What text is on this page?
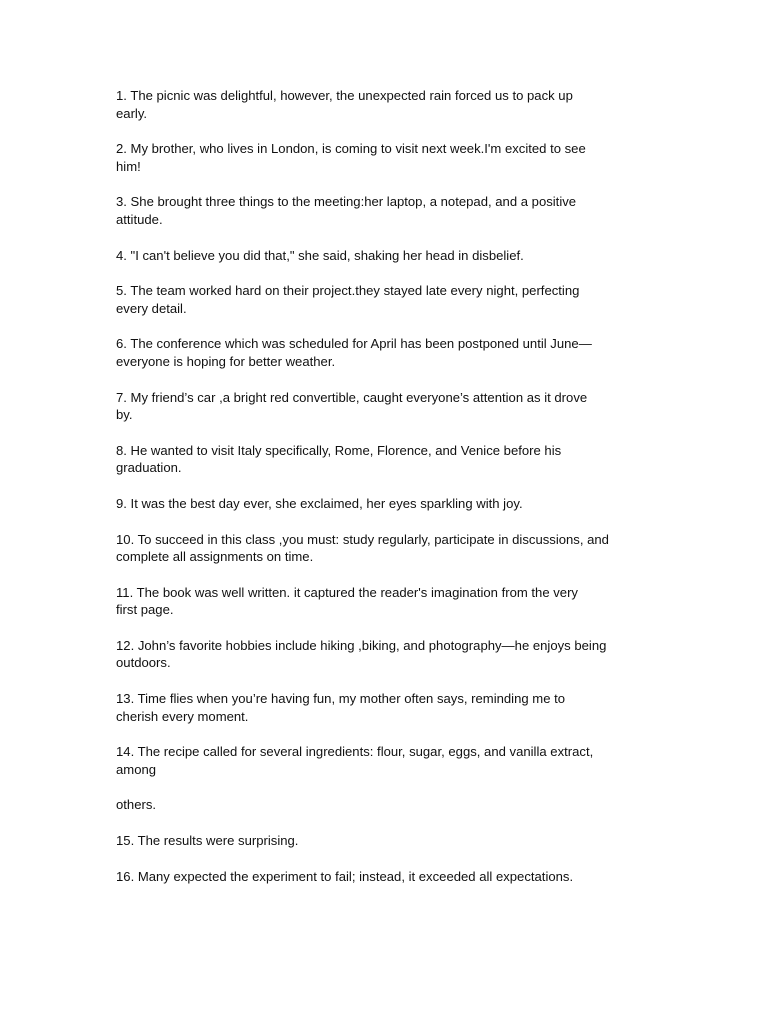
1. The picnic was delightful, however, the unexpected rain forced us to pack up
early.

2. My brother, who lives in London, is coming to visit next week.I'm excited to see
him!

3. She brought three things to the meeting:her laptop, a notepad, and a positive
attitude.

4. "I can't believe you did that," she said, shaking her head in disbelief.

5. The team worked hard on their project.they stayed late every night, perfecting
every detail.

6. The conference which was scheduled for April has been postponed until June—
everyone is hoping for better weather.

7. My friend’s car ,a bright red convertible, caught everyone’s attention as it drove
by.

8. He wanted to visit Italy specifically, Rome, Florence, and Venice before his
graduation.

9. It was the best day ever, she exclaimed, her eyes sparkling with joy.

10. To succeed in this class ,you must: study regularly, participate in discussions, and
complete all assignments on time.

11. The book was well written. it captured the reader's imagination from the very
first page.

12. John’s favorite hobbies include hiking ,biking, and photography—he enjoys being
outdoors.

13. Time flies when you’re having fun, my mother often says, reminding me to
cherish every moment.

14. The recipe called for several ingredients: flour, sugar, eggs, and vanilla extract,
among

others.

15. The results were surprising.

16. Many expected the experiment to fail; instead, it exceeded all expectations.
